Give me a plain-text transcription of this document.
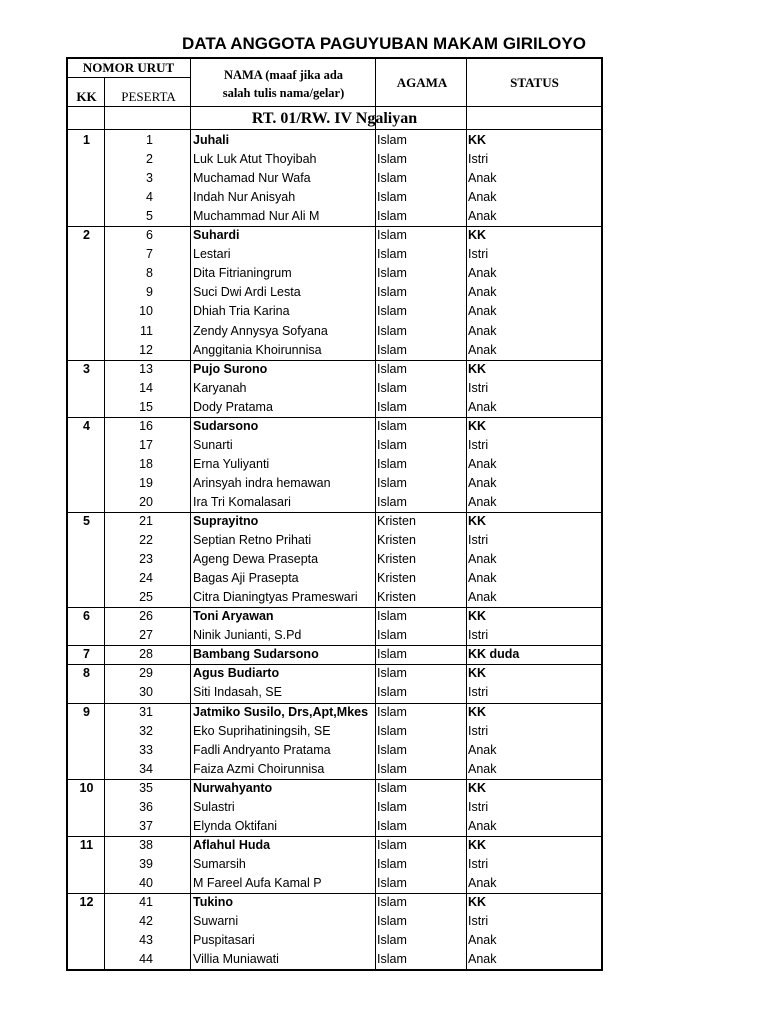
DATA ANGGOTA PAGUYUBAN MAKAM GIRILOYO
NOMOR URUT
KK	PESERTA
NAMA (maaf jika ada
salah tulis nama/gelar)
AGAMA	STATUS
RT. 01/RW. IV Ngaliyan
1	1	Juhali	Islam	KK
2	Luk Luk Atut Thoyibah	Islam	Istri
3	Muchamad Nur Wafa	Islam	Anak
4	Indah Nur Anisyah	Islam	Anak
5	Muchammad Nur Ali M	Islam	Anak
2	6	Suhardi	Islam	KK
7	Lestari	Islam	Istri
8	Dita Fitrianingrum	Islam	Anak
9	Suci Dwi Ardi Lesta	Islam	Anak
10	Dhiah Tria Karina	Islam	Anak
11	Zendy Annysya Sofyana	Islam	Anak
12	Anggitania Khoirunnisa	Islam	Anak
3	13	Pujo Surono	Islam	KK
14	Karyanah	Islam	Istri
15	Dody Pratama	Islam	Anak
4	16	Sudarsono	Islam	KK
17	Sunarti	Islam	Istri
18	Erna Yuliyanti	Islam	Anak
19	Arinsyah indra hemawan	Islam	Anak
20	Ira Tri Komalasari	Islam	Anak
5	21	Suprayitno	Kristen	KK
22	Septian Retno Prihati	Kristen	Istri
23	Ageng Dewa Prasepta	Kristen	Anak
24	Bagas Aji Prasepta	Kristen	Anak
25	Citra Dianingtyas Prameswari Kristen	Anak
6	26	Toni Aryawan	Islam	KK
27	Ninik Junianti, S.Pd	Islam	Istri
7	28	Bambang Sudarsono	Islam	KK duda
8	29	Agus Budiarto	Islam	KK
30	Siti Indasah, SE	Islam	Istri
9	31	Jatmiko Susilo, Drs,Apt,Mkes Islam	KK
32	Eko Suprihatiningsih, SE	Islam	Istri
33	Fadli Andryanto Pratama	Islam	Anak
34	Faiza Azmi Choirunnisa	Islam	Anak
10	35	Nurwahyanto	Islam	KK
36	Sulastri	Islam	Istri
37	Elynda Oktifani	Islam	Anak
11	38	Aflahul Huda	Islam	KK
39	Sumarsih	Islam	Istri
40	M Fareel Aufa Kamal P	Islam	Anak
12	41	Tukino	Islam	KK
42	Suwarni	Islam	Istri
43	Puspitasari	Islam	Anak
44	Villia Muniawati	Islam	Anak
